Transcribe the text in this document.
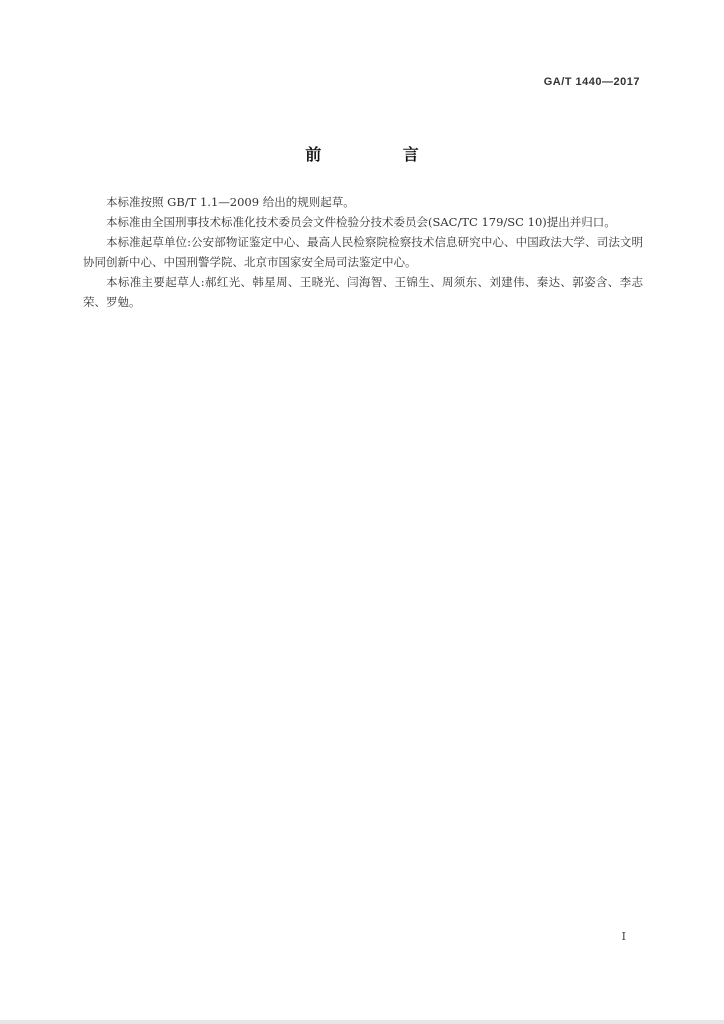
GA/T 1440—2017
前 言

本标准按照 GB/T 1.1—2009 给出的规则起草。

本标准由全国刑事技术标准化技术委员会文件检验分技术委员会(SAC/TC 179/SC 10)提出并归口。

本标准起草单位:公安部物证鉴定中心、最高人民检察院检察技术信息研究中心、中国政法大学、司法文明协同创新中心、中国刑警学院、北京市国家安全局司法鉴定中心。

本标准主要起草人:郝红光、韩星周、王晓光、闫海智、王锦生、周须东、刘建伟、秦达、郭姿含、李志荣、罗勉。

I
